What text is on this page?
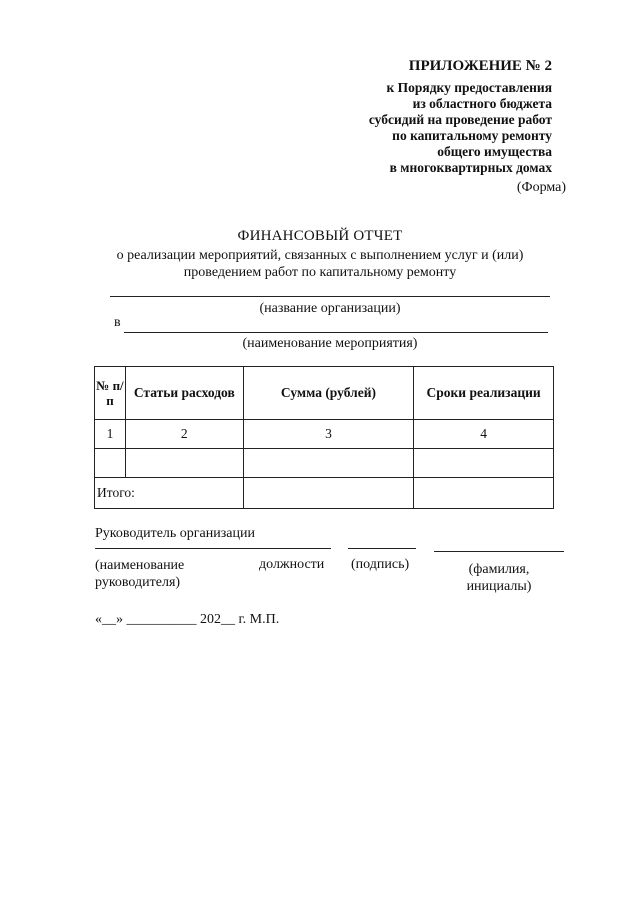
ПРИЛОЖЕНИЕ № 2
к Порядку предоставления
из областного бюджета
субсидий на проведение работ
по капитальному ремонту
общего имущества
в многоквартирных домах
(Форма)
ФИНАНСОВЫЙ ОТЧЕТ
о реализации мероприятий, связанных с выполнением услуг и (или)
проведением работ по капитальному ремонту
(название организации)
в
(наименование мероприятия)
№ п/п	Статьи расходов	Сумма (рублей)	Сроки реализации
1	2	3	4

Итого:			
Руководитель организации
(наименование
руководителя)
должности (подпись)	(фамилия,
инициалы)
«__» __________ 202__ г. М.П.
